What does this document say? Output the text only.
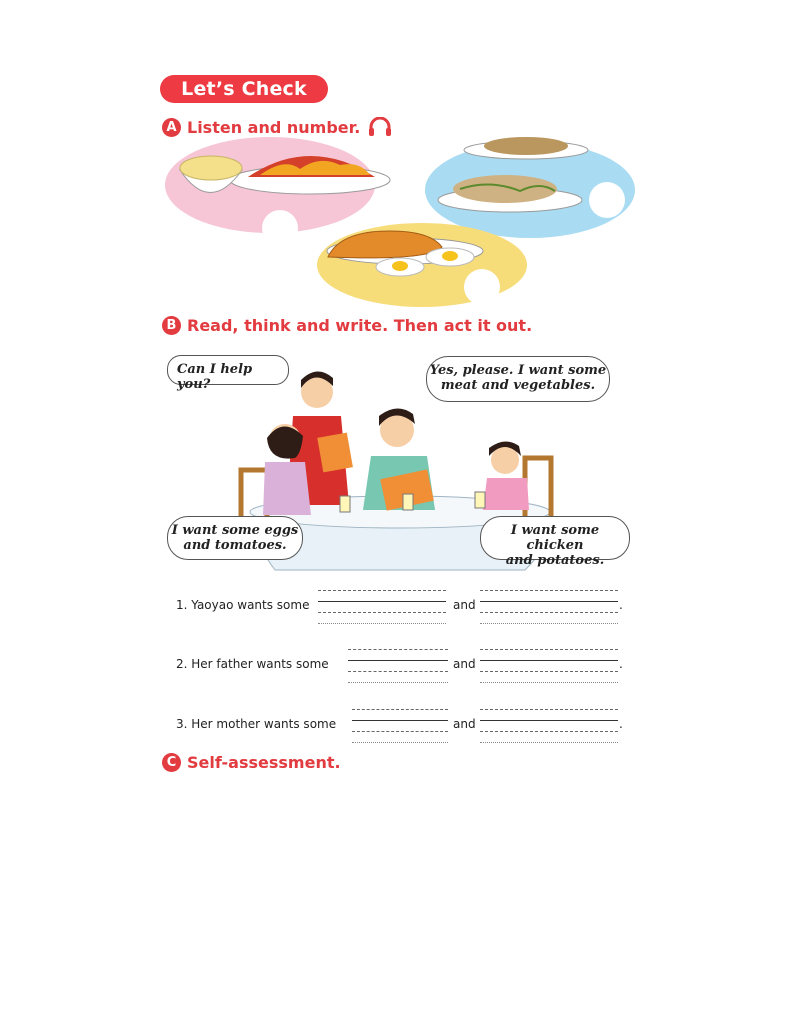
Let’s Check
A Listen and number.
B Read, think and write. Then act it out.
Can I help you?
Yes, please. I want some
meat and vegetables.
I want some eggs
and tomatoes.
I want some chicken
and potatoes.
1. Yaoyao wants some	and	.
2. Her father wants some	and	.
3. Her mother wants some	and	.
C Self-assessment.
